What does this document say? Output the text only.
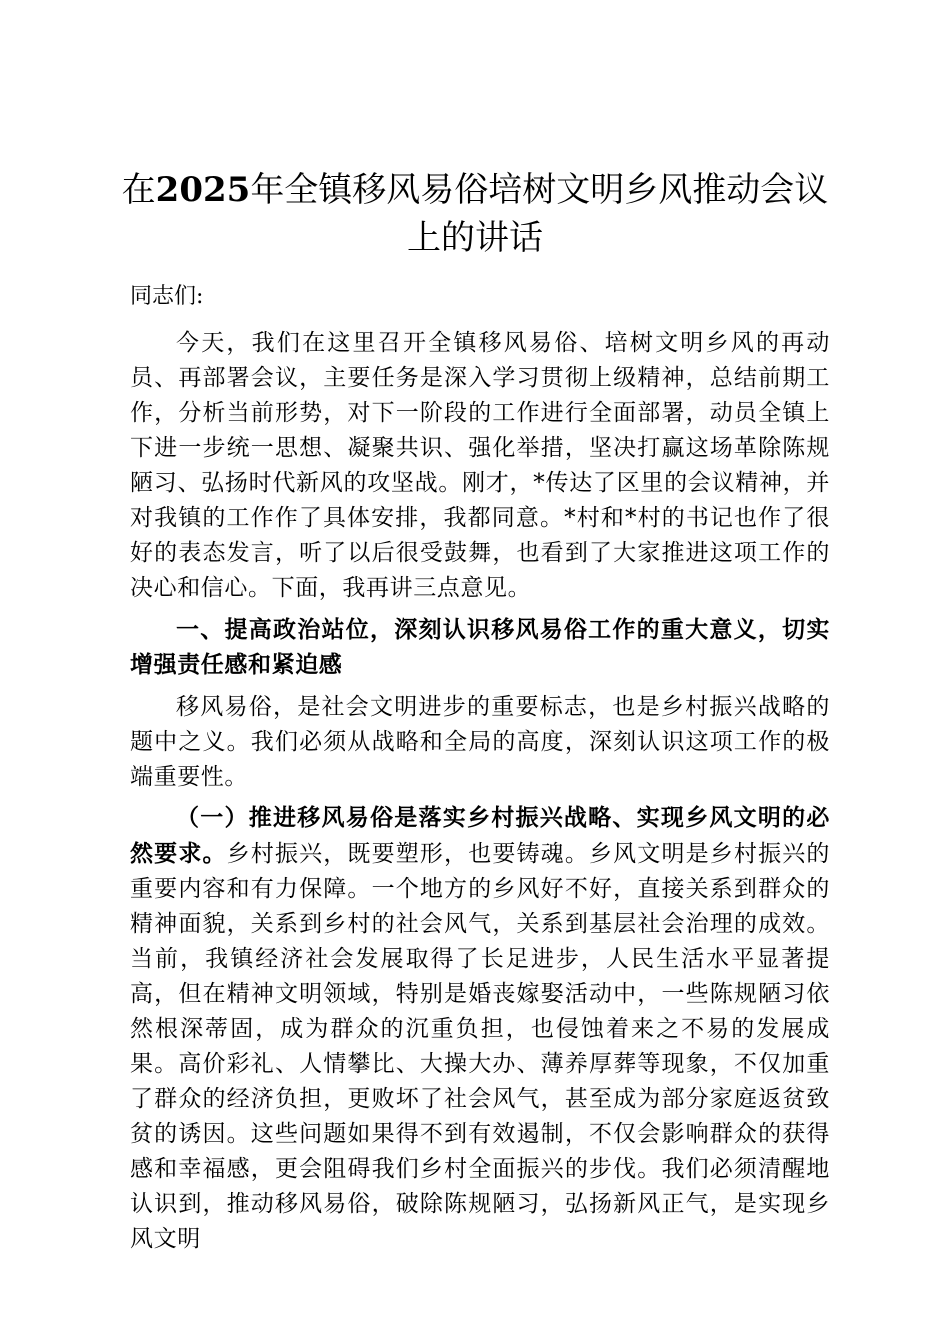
在2025年全镇移风易俗培树文明乡风推动会议上的讲话

同志们:

今天，我们在这里召开全镇移风易俗、培树文明乡风的再动员、再部署会议，主要任务是深入学习贯彻上级精神，总结前期工作，分析当前形势，对下一阶段的工作进行全面部署，动员全镇上下进一步统一思想、凝聚共识、强化举措，坚决打赢这场革除陈规陋习、弘扬时代新风的攻坚战。刚才，*传达了区里的会议精神，并对我镇的工作作了具体安排，我都同意。*村和*村的书记也作了很好的表态发言，听了以后很受鼓舞，也看到了大家推进这项工作的决心和信心。下面，我再讲三点意见。

一、提高政治站位，深刻认识移风易俗工作的重大意义，切实增强责任感和紧迫感

移风易俗，是社会文明进步的重要标志，也是乡村振兴战略的题中之义。我们必须从战略和全局的高度，深刻认识这项工作的极端重要性。

（一）推进移风易俗是落实乡村振兴战略、实现乡风文明的必然要求。乡村振兴，既要塑形，也要铸魂。乡风文明是乡村振兴的重要内容和有力保障。一个地方的乡风好不好，直接关系到群众的精神面貌，关系到乡村的社会风气，关系到基层社会治理的成效。当前，我镇经济社会发展取得了长足进步，人民生活水平显著提高，但在精神文明领域，特别是婚丧嫁娶活动中，一些陈规陋习依然根深蒂固，成为群众的沉重负担，也侵蚀着来之不易的发展成果。高价彩礼、人情攀比、大操大办、薄养厚葬等现象，不仅加重了群众的经济负担，更败坏了社会风气，甚至成为部分家庭返贫致贫的诱因。这些问题如果得不到有效遏制，不仅会影响群众的获得感和幸福感，更会阻碍我们乡村全面振兴的步伐。我们必须清醒地认识到，推动移风易俗，破除陈规陋习，弘扬新风正气，是实现乡风文明
